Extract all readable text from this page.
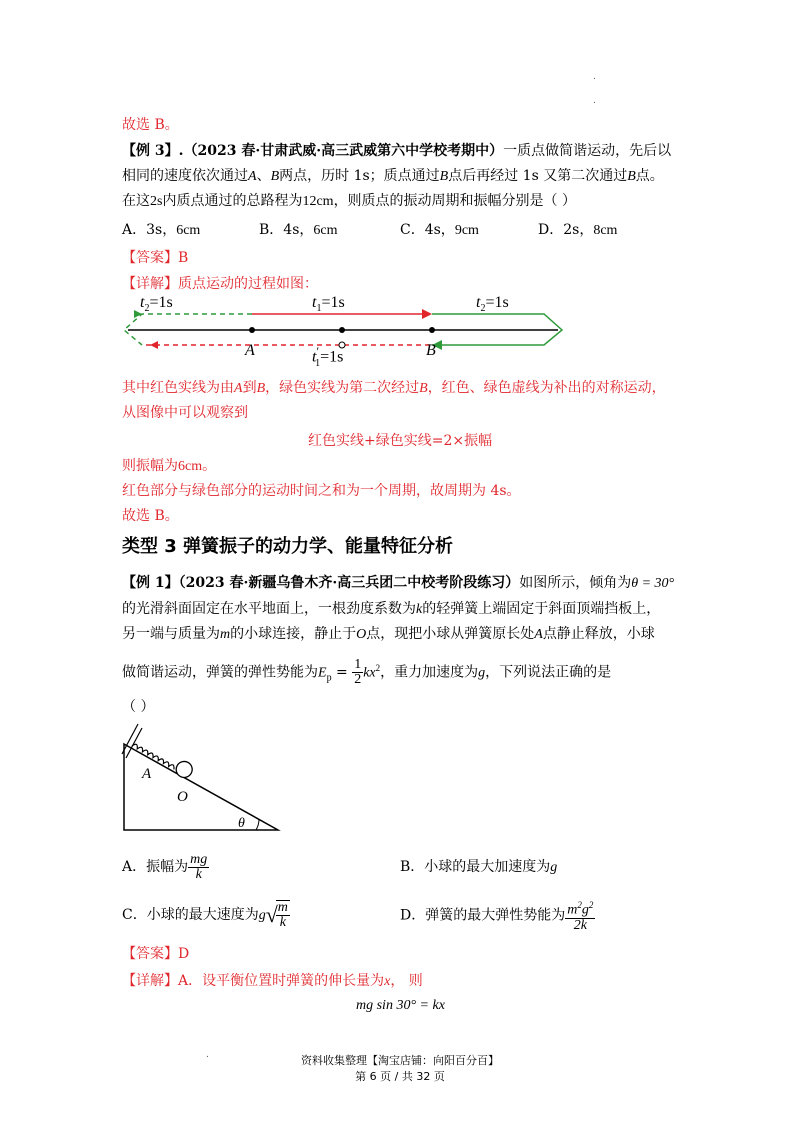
.
.
故选 B。
【例 3】.（2023 春·甘肃武威·高三武威第六中学校考期中）一质点做简谐运动，先后以
相同的速度依次通过A、B两点，历时 1s；质点通过B点后再经过 1s 又第二次通过B点。
在这2s内质点通过的总路程为12cm，则质点的振动周期和振幅分别是（ ）
A．3s，6cm	B．4s，6cm	C．4s，9cm	D．2s，8cm
【答案】B
【详解】质点运动的过程如图：
$t_2=1s$	$t_1=1s$	$t_2=1s$
$t'_1=1s$
A	B
其中红色实线为由A到B，绿色实线为第二次经过B，红色、绿色虚线为补出的对称运动，
从图像中可以观察到
红色实线+绿色实线=2×振幅
则振幅为6cm。
红色部分与绿色部分的运动时间之和为一个周期，故周期为 4s。
故选 B。
类型 3 弹簧振子的动力学、能量特征分析
【例 1】（2023 春·新疆乌鲁木齐·高三兵团二中校考阶段练习）如图所示，倾角为θ = 30°
的光滑斜面固定在水平地面上，一根劲度系数为k的轻弹簧上端固定于斜面顶端挡板上，
另一端与质量为m的小球连接，静止于O点，现把小球从弹簧原长处A点静止释放，小球
做简谐运动，弹簧的弹性势能为$E_p = \frac{1}{2} kx^2$，重力加速度为g，下列说法正确的是
（ ）
A
O
θ
A．振幅为 $\frac{mg}{k}$	B．小球的最大加速度为g
C．小球的最大速度为g√
$\frac{m}{k}$	D．弹簧的最大弹性势能为 $\frac{m^2g^2}{2k}$
【答案】D
【详解】A．设平衡位置时弹簧的伸长量为x， 则
mg sin 30° = kx
.	资料收集整理【淘宝店铺：向阳百分百】
第 6 页 / 共 32 页
